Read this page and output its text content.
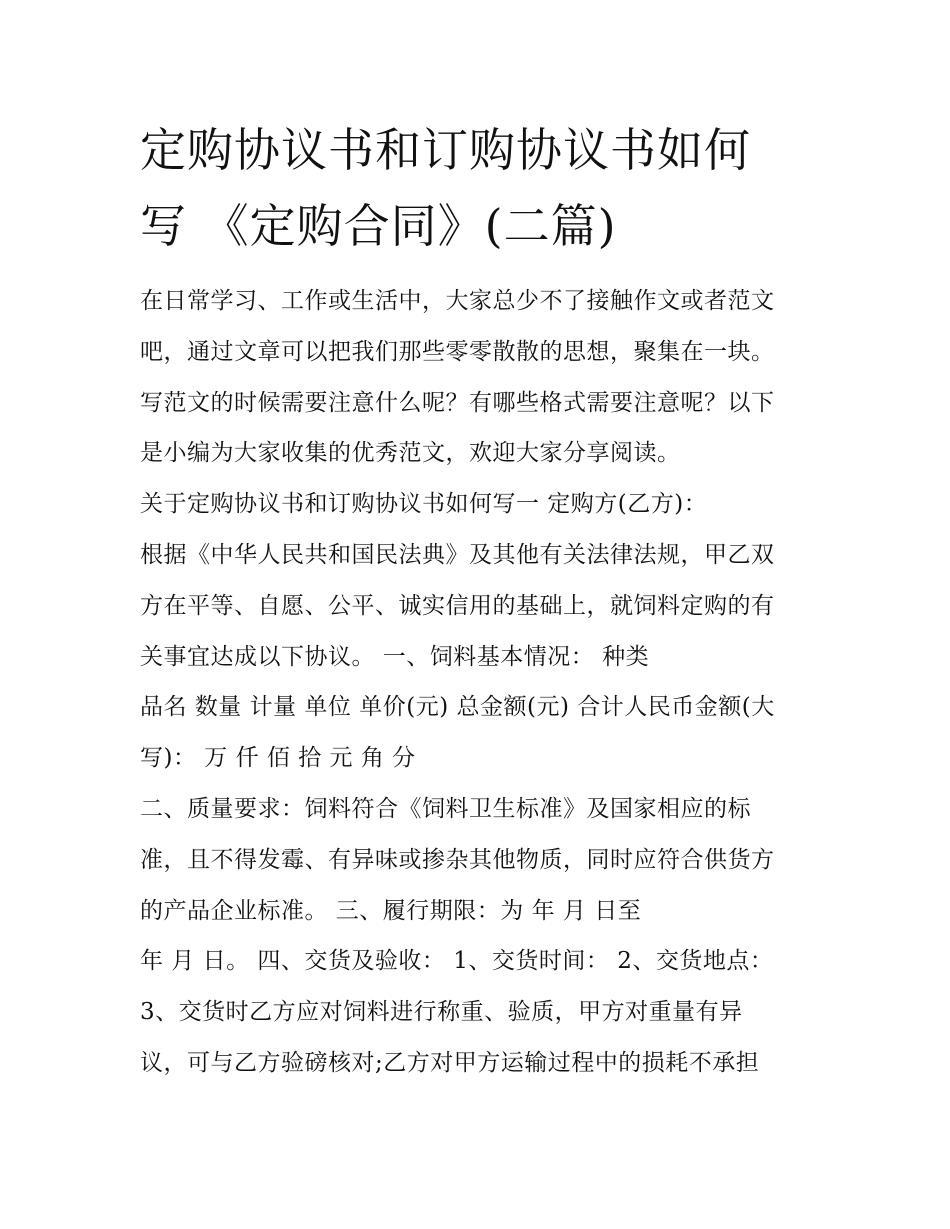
定购协议书和订购协议书如何
写 《定购合同》(二篇)
在日常学习、工作或生活中，大家总少不了接触作文或者范文
吧，通过文章可以把我们那些零零散散的思想，聚集在一块。
写范文的时候需要注意什么呢？有哪些格式需要注意呢？以下
是小编为大家收集的优秀范文，欢迎大家分享阅读。
关于定购协议书和订购协议书如何写一 定购方(乙方)：
根据《中华人民共和国民法典》及其他有关法律法规，甲乙双
方在平等、自愿、公平、诚实信用的基础上，就饲料定购的有
关事宜达成以下协议。 一、饲料基本情况： 种类
品名 数量 计量 单位 单价(元) 总金额(元) 合计人民币金额(大
写)： 万 仟 佰 拾 元 角 分
二、质量要求：饲料符合《饲料卫生标准》及国家相应的标
准，且不得发霉、有异味或掺杂其他物质，同时应符合供货方
的产品企业标准。 三、履行期限：为 年 月 日至
年 月 日。 四、交货及验收： 1、交货时间： 2、交货地点：
3、交货时乙方应对饲料进行称重、验质，甲方对重量有异
议，可与乙方验磅核对;乙方对甲方运输过程中的损耗不承担
